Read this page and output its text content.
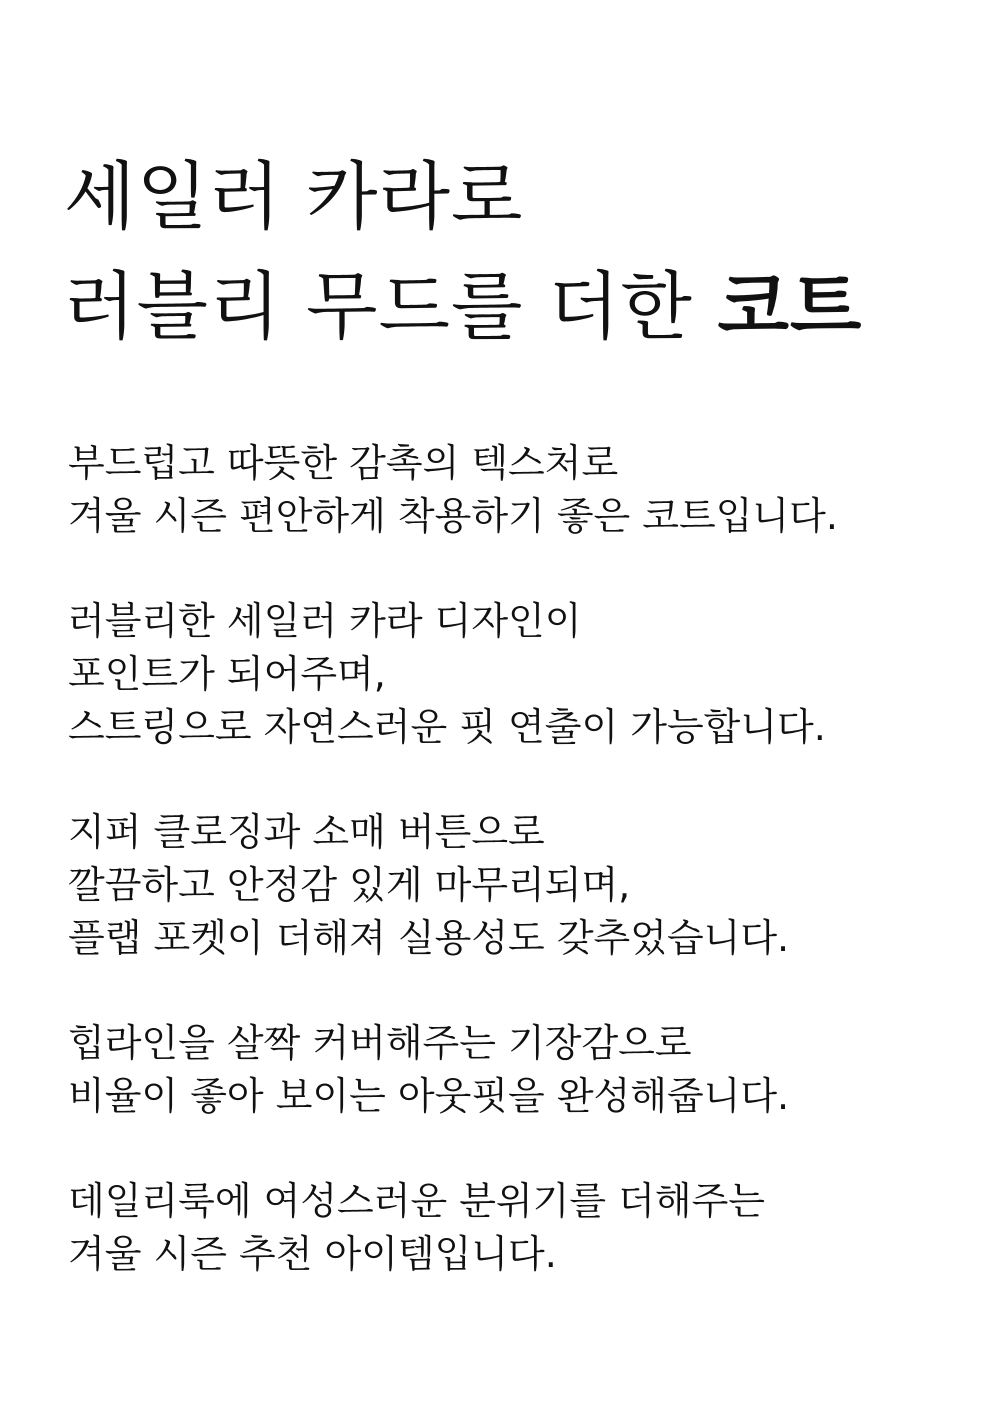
세일러 카라로
러블리 무드를 더한 코트

부드럽고 따뜻한 감촉의 텍스처로
겨울 시즌 편안하게 착용하기 좋은 코트입니다.

러블리한 세일러 카라 디자인이
포인트가 되어주며,
스트링으로 자연스러운 핏 연출이 가능합니다.

지퍼 클로징과 소매 버튼으로
깔끔하고 안정감 있게 마무리되며,
플랩 포켓이 더해져 실용성도 갖추었습니다.

힙라인을 살짝 커버해주는 기장감으로
비율이 좋아 보이는 아웃핏을 완성해줍니다.

데일리룩에 여성스러운 분위기를 더해주는
겨울 시즌 추천 아이템입니다.
